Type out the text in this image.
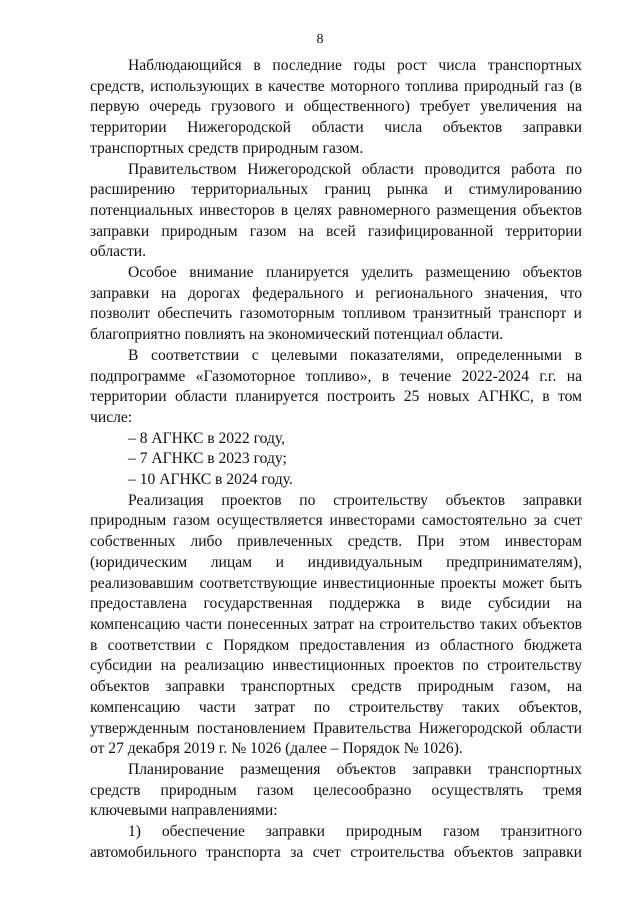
8

Наблюдающийся в последние годы рост числа транспортных средств, использующих в качестве моторного топлива природный газ (в первую очередь грузового и общественного) требует увеличения на территории Нижегородской области числа объектов заправки транспортных средств природным газом.

Правительством Нижегородской области проводится работа по расширению территориальных границ рынка и стимулированию потенциальных инвесторов в целях равномерного размещения объектов заправки природным газом на всей газифицированной территории области.

Особое внимание планируется уделить размещению объектов заправки на дорогах федерального и регионального значения, что позволит обеспечить газомоторным топливом транзитный транспорт и благоприятно повлиять на экономический потенциал области.

В соответствии с целевыми показателями, определенными в подпрограмме «Газомоторное топливо», в течение 2022-2024 г.г. на территории области планируется построить 25 новых АГНКС, в том числе:

– 8 АГНКС в 2022 году,

– 7 АГНКС в 2023 году;

– 10 АГНКС в 2024 году.

Реализация проектов по строительству объектов заправки природным газом осуществляется инвесторами самостоятельно за счет собственных либо привлеченных средств. При этом инвесторам (юридическим лицам и индивидуальным предпринимателям), реализовавшим соответствующие инвестиционные проекты может быть предоставлена государственная поддержка в виде субсидии на компенсацию части понесенных затрат на строительство таких объектов в соответствии с Порядком предоставления из областного бюджета субсидии на реализацию инвестиционных проектов по строительству объектов заправки транспортных средств природным газом, на компенсацию части затрат по строительству таких объектов, утвержденным постановлением Правительства Нижегородской области от 27 декабря 2019 г. № 1026 (далее – Порядок № 1026).

Планирование размещения объектов заправки транспортных средств природным газом целесообразно осуществлять тремя ключевыми направлениями:

1) обеспечение заправки природным газом транзитного автомобильного транспорта за счет строительства объектов заправки
